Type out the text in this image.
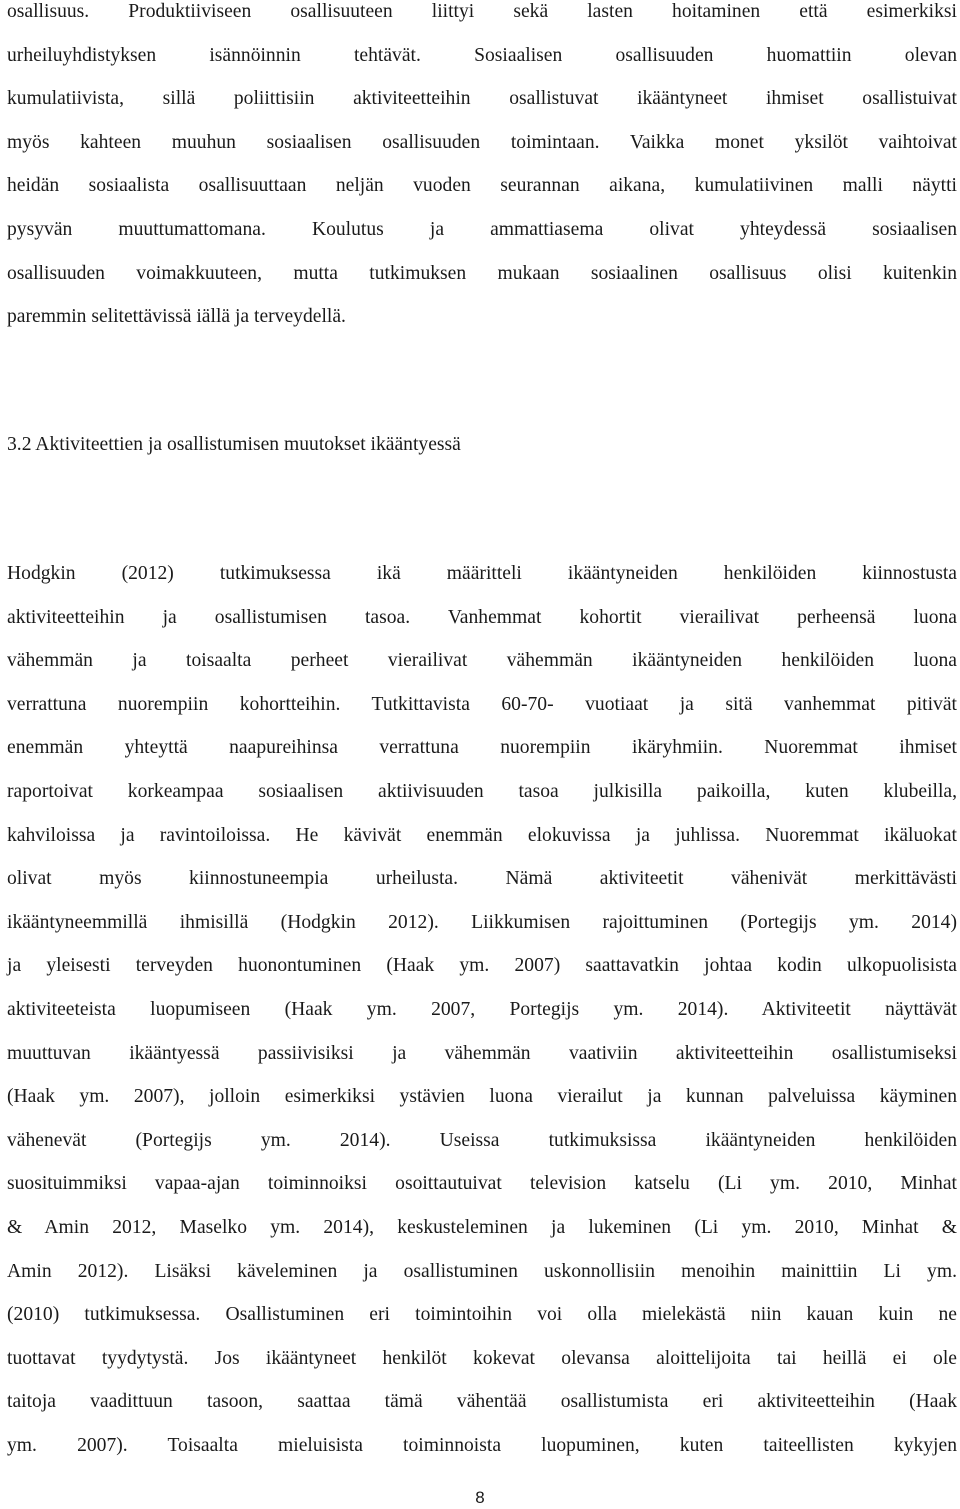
osallisuus. Produktiiviseen osallisuuteen liittyi sekä lasten hoitaminen että esimerkiksi
urheiluyhdistyksen isännöinnin tehtävät. Sosiaalisen osallisuuden huomattiin olevan
kumulatiivista, sillä poliittisiin aktiviteetteihin osallistuvat ikääntyneet ihmiset osallistuivat
myös kahteen muuhun sosiaalisen osallisuuden toimintaan. Vaikka monet yksilöt vaihtoivat
heidän sosiaalista osallisuuttaan neljän vuoden seurannan aikana, kumulatiivinen malli näytti
pysyvän muuttumattomana. Koulutus ja ammattiasema olivat yhteydessä sosiaalisen
osallisuuden voimakkuuteen, mutta tutkimuksen mukaan sosiaalinen osallisuus olisi kuitenkin
paremmin selitettävissä iällä ja terveydellä.
3.2 Aktiviteettien ja osallistumisen muutokset ikääntyessä
Hodgkin (2012) tutkimuksessa ikä määritteli ikääntyneiden henkilöiden kiinnostusta
aktiviteetteihin ja osallistumisen tasoa. Vanhemmat kohortit vierailivat perheensä luona
vähemmän ja toisaalta perheet vierailivat vähemmän ikääntyneiden henkilöiden luona
verrattuna nuorempiin kohortteihin. Tutkittavista 60-70- vuotiaat ja sitä vanhemmat pitivät
enemmän yhteyttä naapureihinsa verrattuna nuorempiin ikäryhmiin. Nuoremmat ihmiset
raportoivat korkeampaa sosiaalisen aktiivisuuden tasoa julkisilla paikoilla, kuten klubeilla,
kahviloissa ja ravintoiloissa. He kävivät enemmän elokuvissa ja juhlissa. Nuoremmat ikäluokat
olivat myös kiinnostuneempia urheilusta. Nämä aktiviteetit vähenivät merkittävästi
ikääntyneemmillä ihmisillä (Hodgkin 2012). Liikkumisen rajoittuminen (Portegijs ym. 2014)
ja yleisesti terveyden huonontuminen (Haak ym. 2007) saattavatkin johtaa kodin ulkopuolisista
aktiviteeteista luopumiseen (Haak ym. 2007, Portegijs ym. 2014). Aktiviteetit näyttävät
muuttuvan ikääntyessä passiivisiksi ja vähemmän vaativiin aktiviteetteihin osallistumiseksi
(Haak ym. 2007), jolloin esimerkiksi ystävien luona vierailut ja kunnan palveluissa käyminen
vähenevät (Portegijs ym. 2014). Useissa tutkimuksissa ikääntyneiden henkilöiden
suosituimmiksi vapaa-ajan toiminnoiksi osoittautuivat television katselu (Li ym. 2010, Minhat
& Amin 2012, Maselko ym. 2014), keskusteleminen ja lukeminen (Li ym. 2010, Minhat &
Amin 2012). Lisäksi käveleminen ja osallistuminen uskonnollisiin menoihin mainittiin Li ym.
(2010) tutkimuksessa. Osallistuminen eri toimintoihin voi olla mielekästä niin kauan kuin ne
tuottavat tyydytystä. Jos ikääntyneet henkilöt kokevat olevansa aloittelijoita tai heillä ei ole
taitoja vaadittuun tasoon, saattaa tämä vähentää osallistumista eri aktiviteetteihin (Haak
ym. 2007). Toisaalta mieluisista toiminnoista luopuminen, kuten taiteellisten kykyjen
8
